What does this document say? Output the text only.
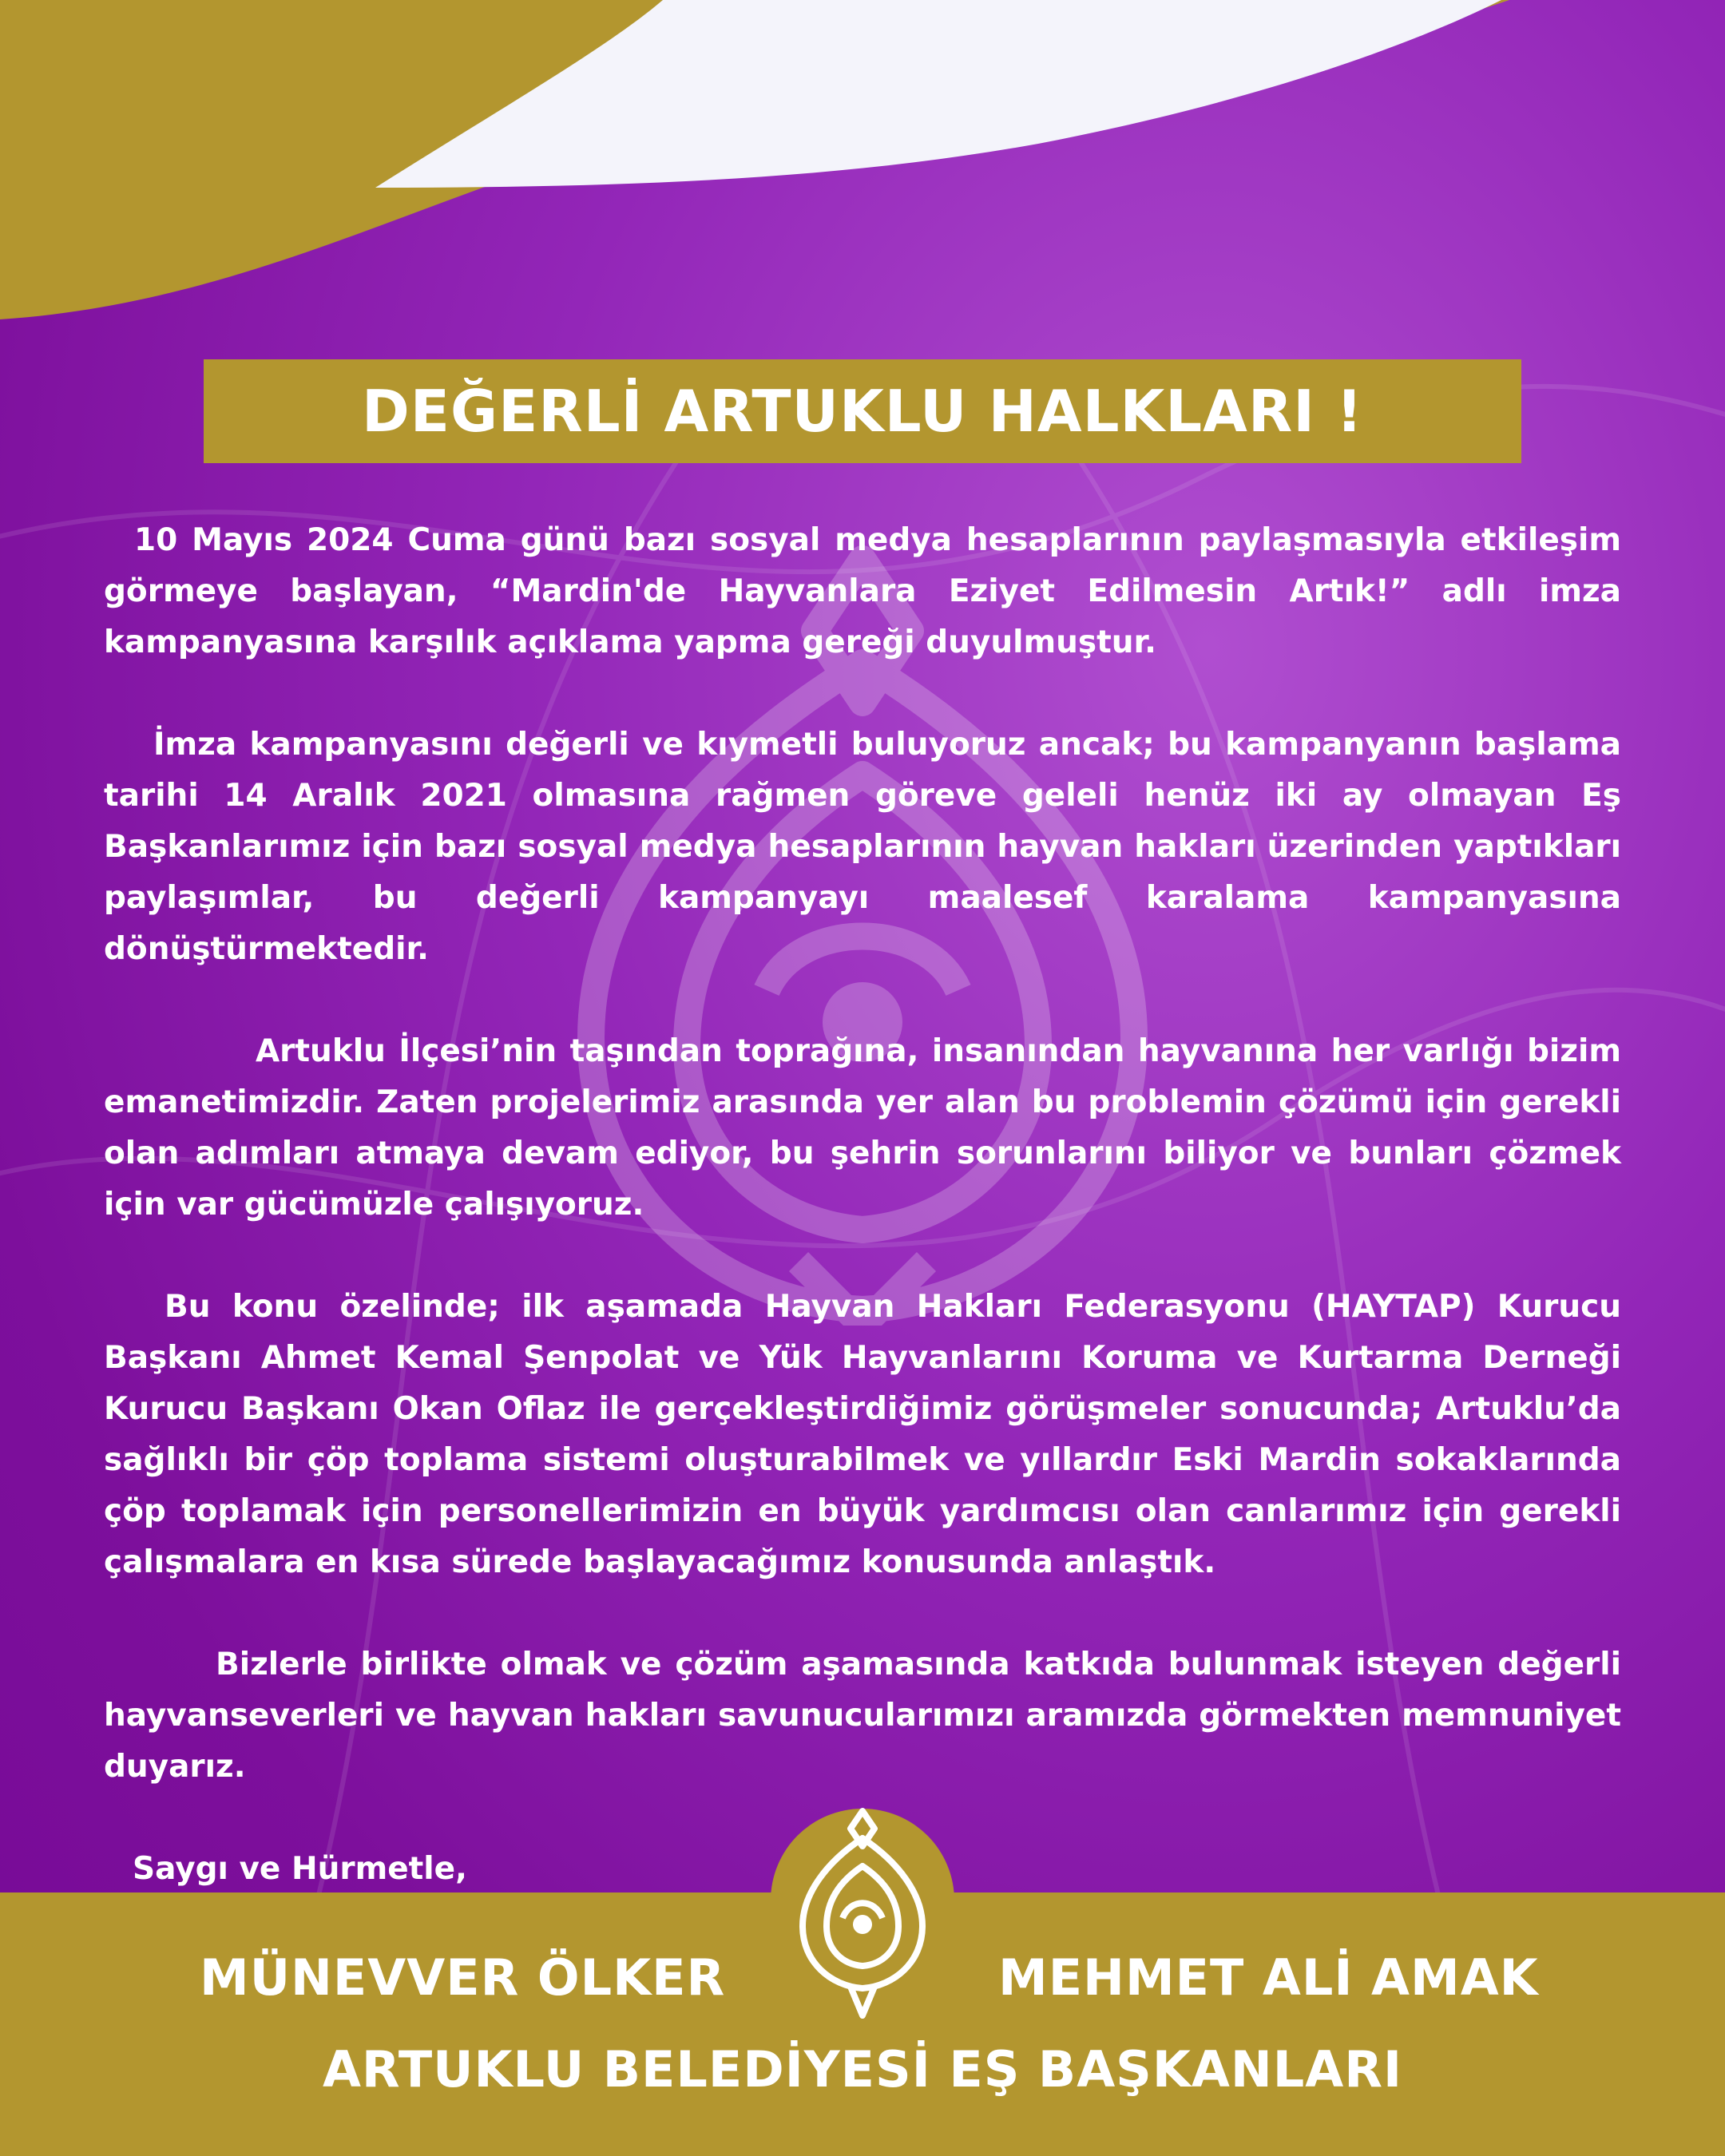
DEĞERLİ ARTUKLU HALKLARI !

10 Mayıs 2024 Cuma günü bazı sosyal medya hesaplarının paylaşmasıyla etkileşim görmeye başlayan, “Mardin'de Hayvanlara Eziyet Edilmesin Artık!” adlı imza kampanyasına karşılık açıklama yapma gereği duyulmuştur.

İmza kampanyasını değerli ve kıymetli buluyoruz ancak; bu kampanyanın başlama tarihi 14 Aralık 2021 olmasına rağmen göreve geleli henüz iki ay olmayan Eş Başkanlarımız için bazı sosyal medya hesaplarının hayvan hakları üzerinden yaptıkları paylaşımlar, bu değerli kampanyayı maalesef karalama kampanyasına dönüştürmektedir.

Artuklu İlçesi’nin taşından toprağına, insanından hayvanına her varlığı bizim emanetimizdir. Zaten projelerimiz arasında yer alan bu problemin çözümü için gerekli olan adımları atmaya devam ediyor, bu şehrin sorunlarını biliyor ve bunları çözmek için var gücümüzle çalışıyoruz.

Bu konu özelinde; ilk aşamada Hayvan Hakları Federasyonu (HAYTAP) Kurucu Başkanı Ahmet Kemal Şenpolat ve Yük Hayvanlarını Koruma ve Kurtarma Derneği Kurucu Başkanı Okan Oflaz ile gerçekleştirdiğimiz görüşmeler sonucunda; Artuklu’da sağlıklı bir çöp toplama sistemi oluşturabilmek ve yıllardır Eski Mardin sokaklarında çöp toplamak için personellerimizin en büyük yardımcısı olan canlarımız için gerekli çalışmalara en kısa sürede başlayacağımız konusunda anlaştık.

Bizlerle birlikte olmak ve çözüm aşamasında katkıda bulunmak isteyen değerli hayvanseverleri ve hayvan hakları savunucularımızı aramızda görmekten memnuniyet duyarız.

Saygı ve Hürmetle,

MÜNEVVER ÖLKER	MEHMET ALİ AMAK
ARTUKLU BELEDİYESİ EŞ BAŞKANLARI
